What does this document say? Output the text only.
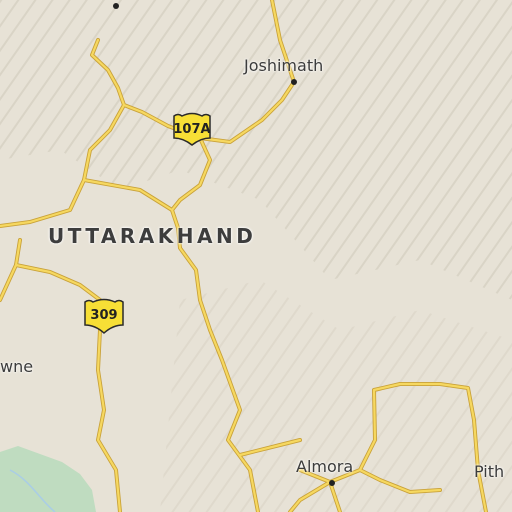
UTTARAKHAND
Joshimath
Almora
wne
Pith
107A
309
